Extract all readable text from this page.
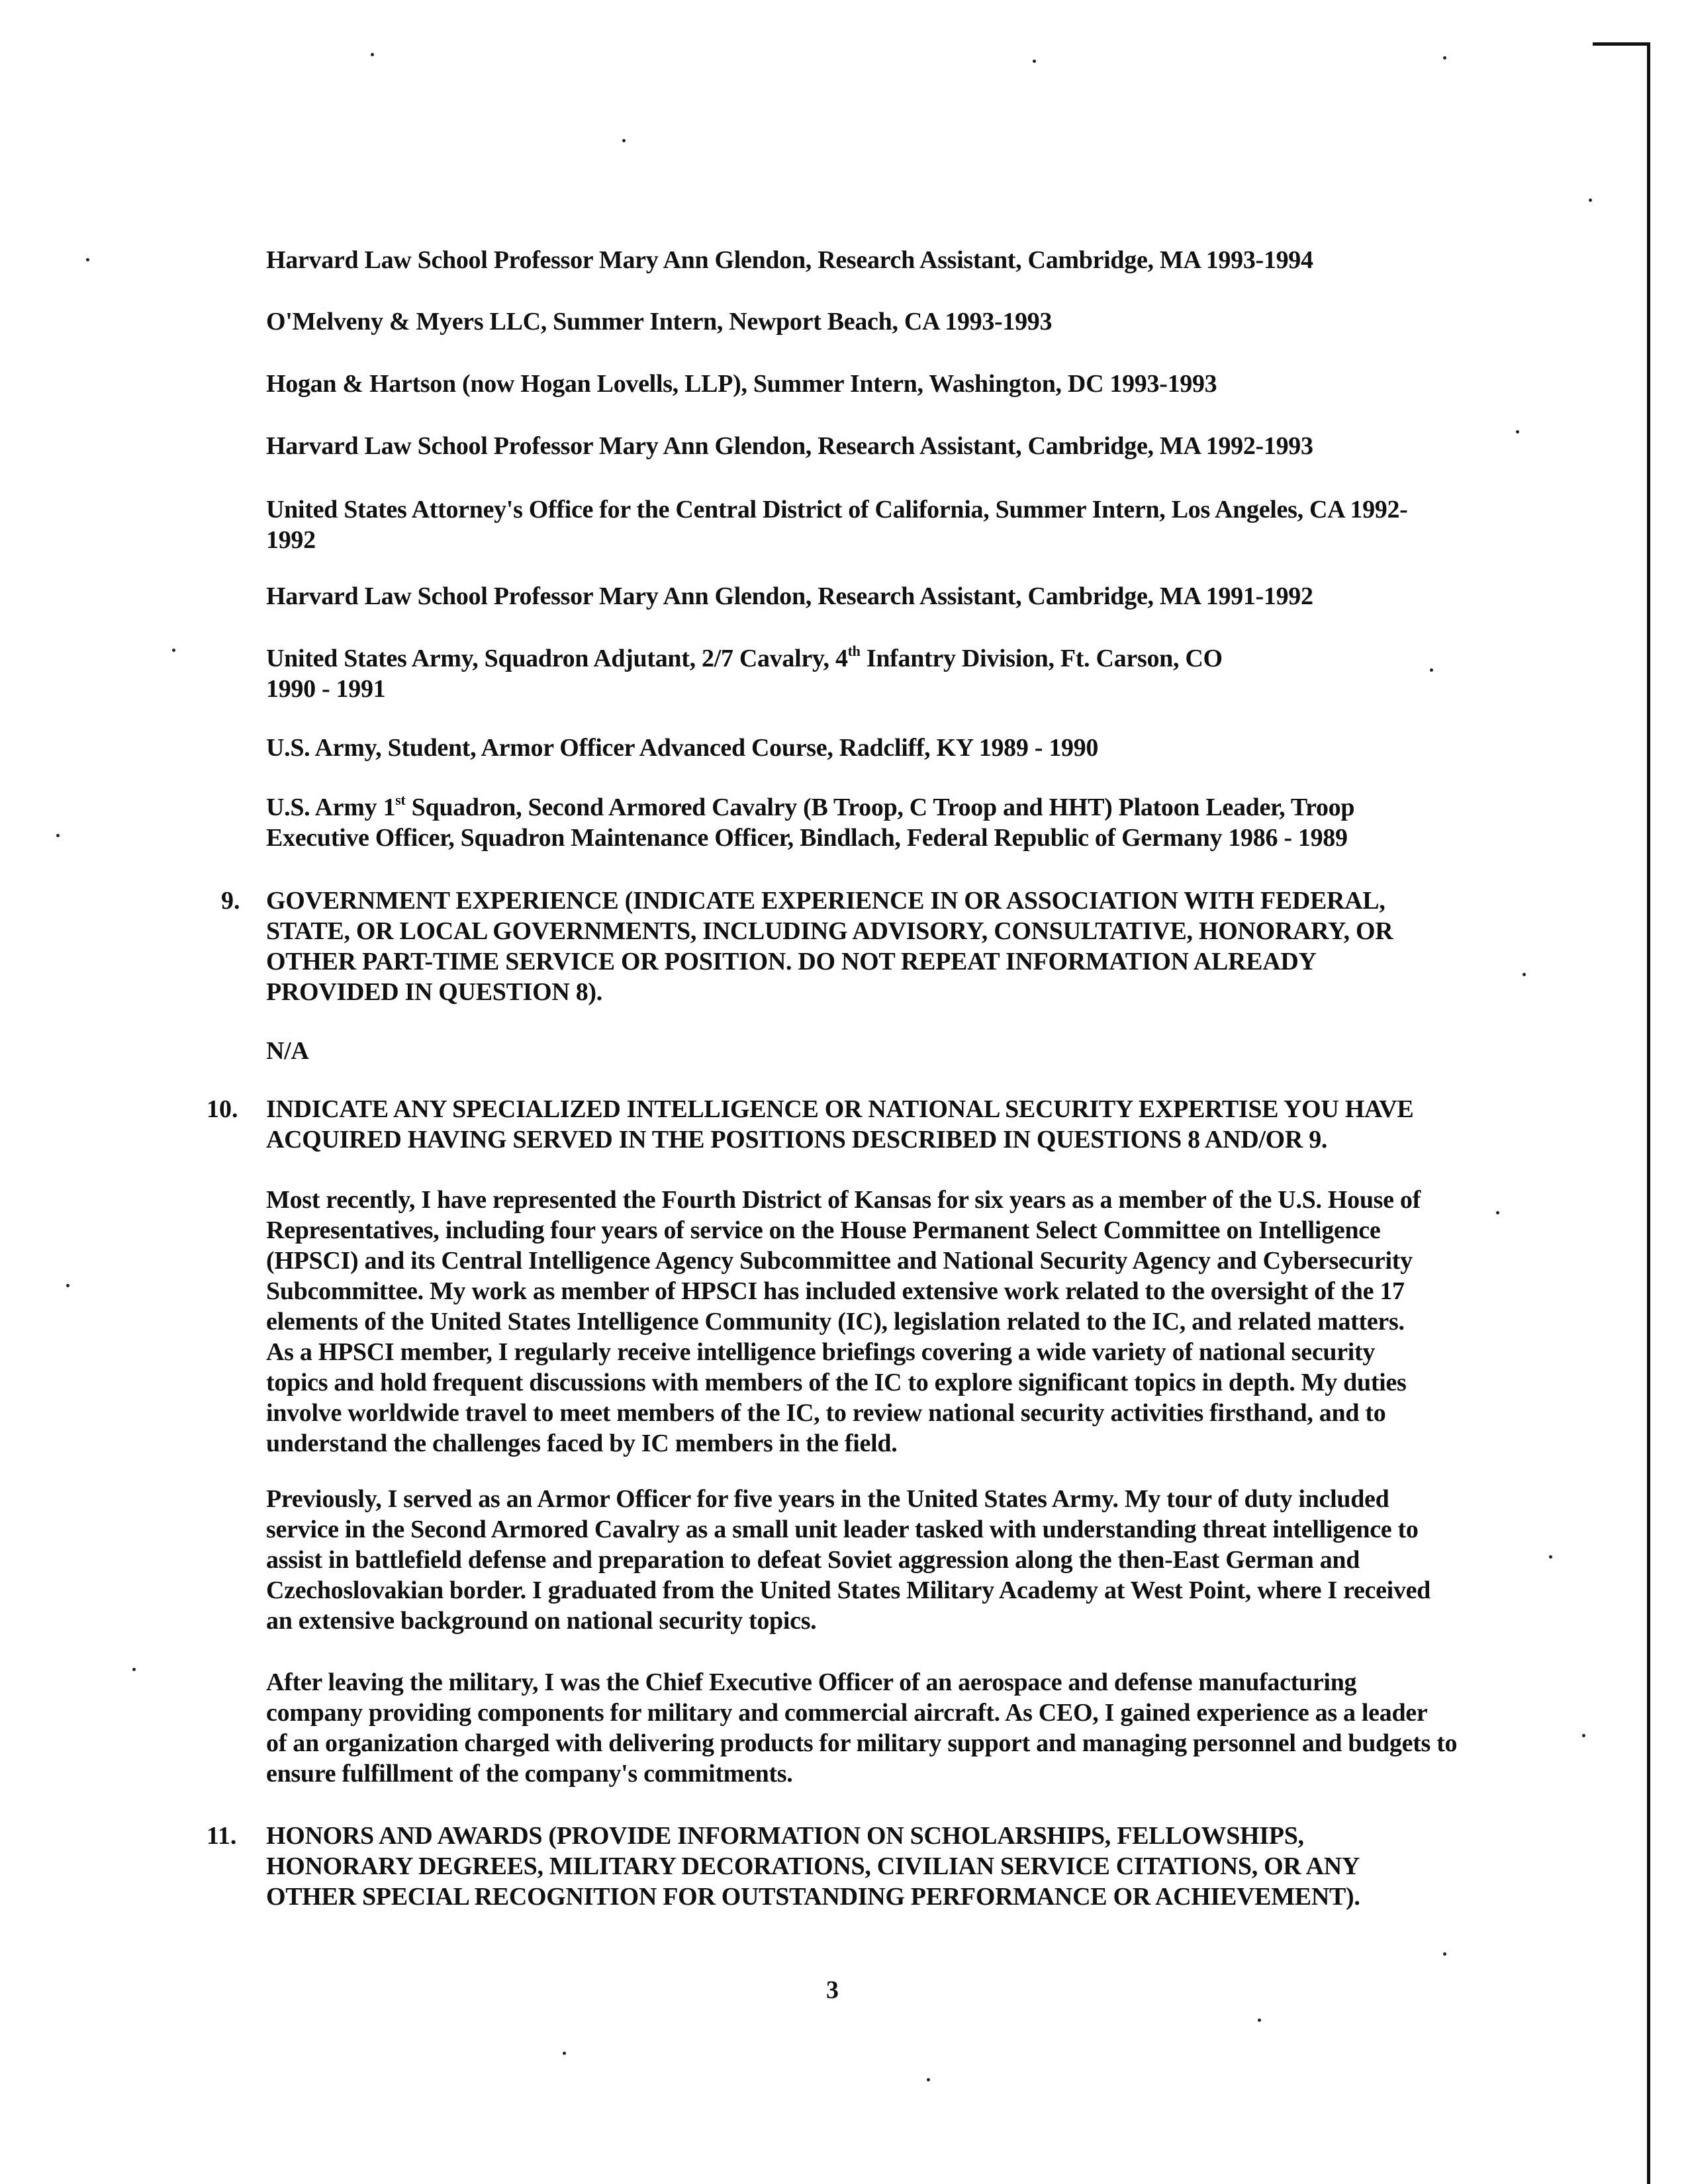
Harvard Law School Professor Mary Ann Glendon, Research Assistant, Cambridge, MA 1993-1994
O'Melveny & Myers LLC, Summer Intern, Newport Beach, CA 1993-1993
Hogan & Hartson (now Hogan Lovells, LLP), Summer Intern, Washington, DC 1993-1993
Harvard Law School Professor Mary Ann Glendon, Research Assistant, Cambridge, MA 1992-1993
United States Attorney's Office for the Central District of California, Summer Intern, Los Angeles, CA 1992-
1992
Harvard Law School Professor Mary Ann Glendon, Research Assistant, Cambridge, MA 1991-1992
United States Army, Squadron Adjutant, 2/7 Cavalry, 4th Infantry Division, Ft. Carson, CO
1990 - 1991
U.S. Army, Student, Armor Officer Advanced Course, Radcliff, KY 1989 - 1990
U.S. Army 1st Squadron, Second Armored Cavalry (B Troop, C Troop and HHT) Platoon Leader, Troop
Executive Officer, Squadron Maintenance Officer, Bindlach, Federal Republic of Germany 1986 - 1989
9. GOVERNMENT EXPERIENCE (INDICATE EXPERIENCE IN OR ASSOCIATION WITH FEDERAL,
STATE, OR LOCAL GOVERNMENTS, INCLUDING ADVISORY, CONSULTATIVE, HONORARY, OR
OTHER PART-TIME SERVICE OR POSITION. DO NOT REPEAT INFORMATION ALREADY
PROVIDED IN QUESTION 8).
N/A
10. INDICATE ANY SPECIALIZED INTELLIGENCE OR NATIONAL SECURITY EXPERTISE YOU HAVE
ACQUIRED HAVING SERVED IN THE POSITIONS DESCRIBED IN QUESTIONS 8 AND/OR 9.
Most recently, I have represented the Fourth District of Kansas for six years as a member of the U.S. House of
Representatives, including four years of service on the House Permanent Select Committee on Intelligence
(HPSCI) and its Central Intelligence Agency Subcommittee and National Security Agency and Cybersecurity
Subcommittee. My work as member of HPSCI has included extensive work related to the oversight of the 17
elements of the United States Intelligence Community (IC), legislation related to the IC, and related matters.
As a HPSCI member, I regularly receive intelligence briefings covering a wide variety of national security
topics and hold frequent discussions with members of the IC to explore significant topics in depth. My duties
involve worldwide travel to meet members of the IC, to review national security activities firsthand, and to
understand the challenges faced by IC members in the field.
Previously, I served as an Armor Officer for five years in the United States Army. My tour of duty included
service in the Second Armored Cavalry as a small unit leader tasked with understanding threat intelligence to
assist in battlefield defense and preparation to defeat Soviet aggression along the then-East German and
Czechoslovakian border. I graduated from the United States Military Academy at West Point, where I received
an extensive background on national security topics.
After leaving the military, I was the Chief Executive Officer of an aerospace and defense manufacturing
company providing components for military and commercial aircraft. As CEO, I gained experience as a leader
of an organization charged with delivering products for military support and managing personnel and budgets to
ensure fulfillment of the company's commitments.
11. HONORS AND AWARDS (PROVIDE INFORMATION ON SCHOLARSHIPS, FELLOWSHIPS,
HONORARY DEGREES, MILITARY DECORATIONS, CIVILIAN SERVICE CITATIONS, OR ANY
OTHER SPECIAL RECOGNITION FOR OUTSTANDING PERFORMANCE OR ACHIEVEMENT).
3
